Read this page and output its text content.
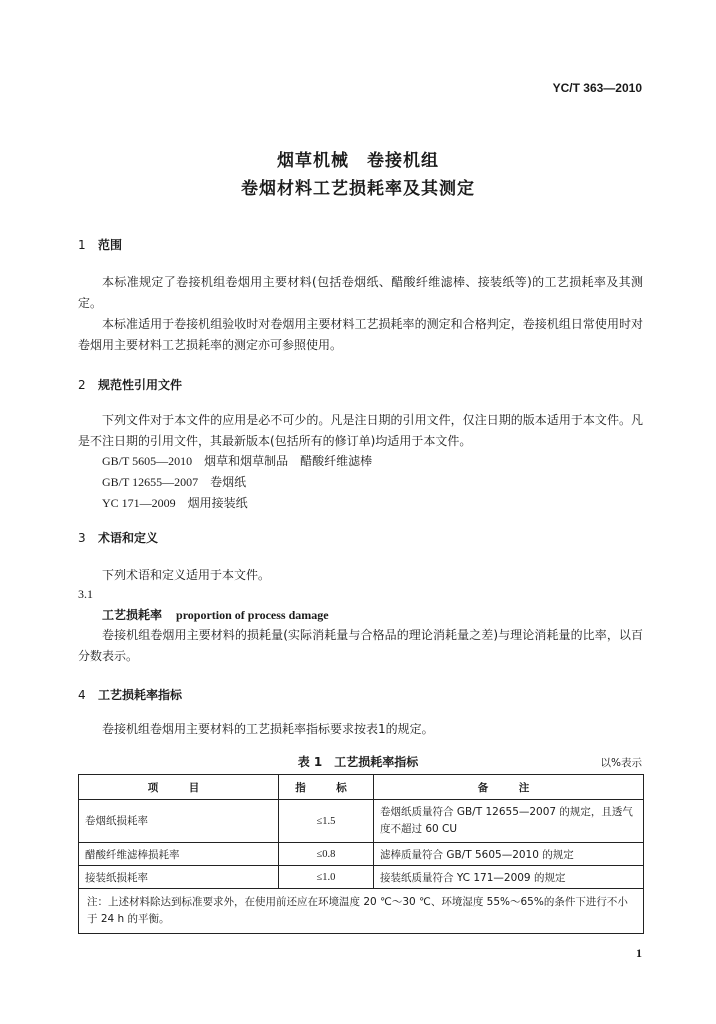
YC/T 363—2010
烟草机械　卷接机组
卷烟材料工艺损耗率及其测定
1 范围
本标准规定了卷接机组卷烟用主要材料(包括卷烟纸、醋酸纤维滤棒、接装纸等)的工艺损耗率及其测定。
本标准适用于卷接机组验收时对卷烟用主要材料工艺损耗率的测定和合格判定，卷接机组日常使用时对卷烟用主要材料工艺损耗率的测定亦可参照使用。
2 规范性引用文件
下列文件对于本文件的应用是必不可少的。凡是注日期的引用文件，仅注日期的版本适用于本文件。凡是不注日期的引用文件，其最新版本(包括所有的修订单)均适用于本文件。
GB/T 5605—2010 烟草和烟草制品　醋酸纤维滤棒
GB/T 12655—2007 卷烟纸
YC 171—2009 烟用接装纸
3 术语和定义
下列术语和定义适用于本文件。
3.1
工艺损耗率 proportion of process damage
卷接机组卷烟用主要材料的损耗量(实际消耗量与合格品的理论消耗量之差)与理论消耗量的比率，以百分数表示。
4 工艺损耗率指标
卷接机组卷烟用主要材料的工艺损耗率指标要求按表1的规定。
表 1　工艺损耗率指标	以%表示
项　目	指　标	备　注
卷烟纸损耗率	≤1.5	卷烟纸质量符合 GB/T 12655—2007 的规定，且透气度不超过 60 CU
醋酸纤维滤棒损耗率	≤0.8	滤棒质量符合 GB/T 5605—2010 的规定
接装纸损耗率	≤1.0	接装纸质量符合 YC 171—2009 的规定
注：上述材料除达到标准要求外，在使用前还应在环境温度 20 ℃～30 ℃、环境湿度 55%～65%的条件下进行不小于 24 h 的平衡。		
1
